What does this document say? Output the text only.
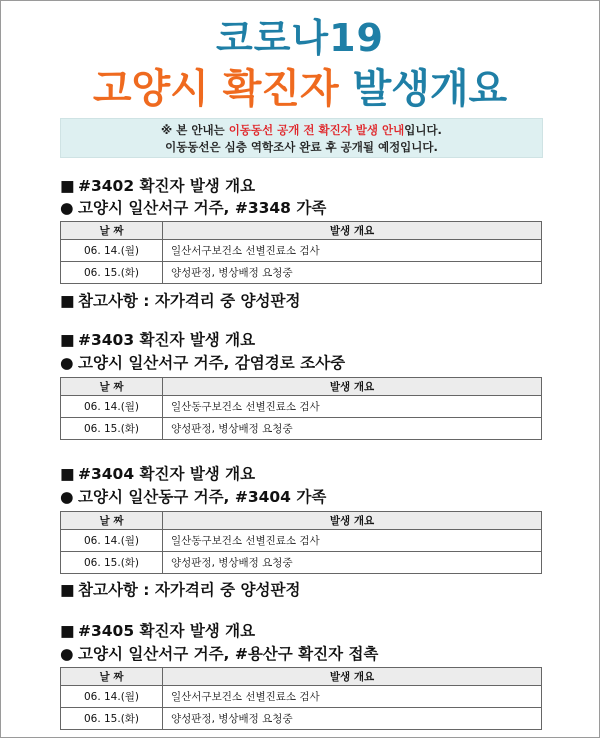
코로나19
고양시 확진자 발생개요
※ 본 안내는 이동동선 공개 전 확진자 발생 안내입니다.
이동동선은 심층 역학조사 완료 후 공개될 예정입니다.
■ #3402 확진자 발생 개요
● 고양시 일산서구 거주, #3348 가족
날 짜	발생 개요
06. 14.(월)	일산서구보건소 선별진료소 검사
06. 15.(화)	양성판정, 병상배정 요청중
■ 참고사항 : 자가격리 중 양성판정
■ #3403 확진자 발생 개요
● 고양시 일산서구 거주, 감염경로 조사중
날 짜	발생 개요
06. 14.(월)	일산동구보건소 선별진료소 검사
06. 15.(화)	양성판정, 병상배정 요청중
■ #3404 확진자 발생 개요
● 고양시 일산동구 거주, #3404 가족
날 짜	발생 개요
06. 14.(월)	일산동구보건소 선별진료소 검사
06. 15.(화)	양성판정, 병상배정 요청중
■ 참고사항 : 자가격리 중 양성판정
■ #3405 확진자 발생 개요
● 고양시 일산서구 거주, #용산구 확진자 접촉
날 짜	발생 개요
06. 14.(월)	일산서구보건소 선별진료소 검사
06. 15.(화)	양성판정, 병상배정 요청중
